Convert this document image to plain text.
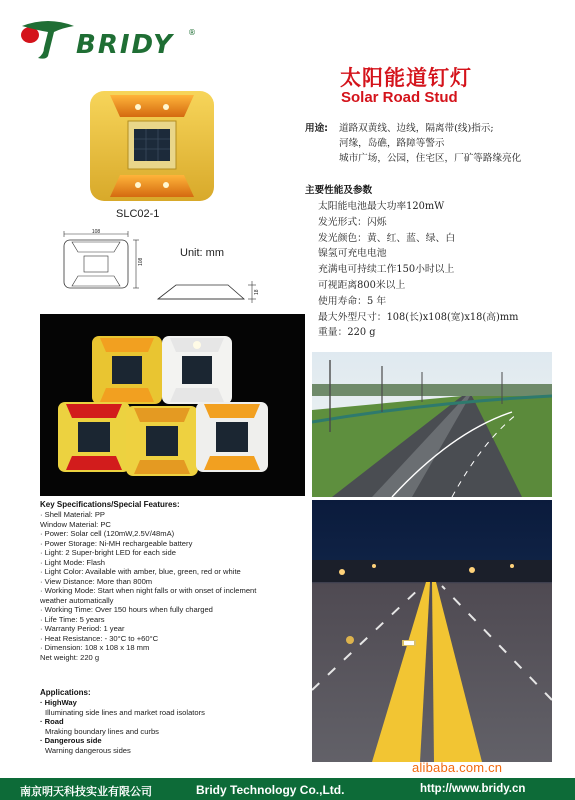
BRIDY ®
太阳能道钉灯
Solar Road Stud
SLC02-1
108
108
Unit: mm
18
用途: 道路双黄线、边线，隔离带(线)指示;
河缘，岛礁，路障等警示
城市广场，公园，住宅区，厂矿等路缘亮化
主要性能及参数
太阳能电池最大功率120mW
发光形式：闪烁
发光颜色：黄、红、蓝、绿、白
镍氢可充电电池
充满电可持续工作150小时以上
可视距离800米以上
使用寿命：5 年
最大外型尺寸：108(长)x108(宽)x18(高)mm
重量：220 g
alibaba.com.cn
Key Specifications/Special Features:
· Shell Material: PP
Window Material: PC
· Power: Solar cell (120mW,2.5V/48mA)
· Power Storage: Ni-MH rechargeable battery
· Light: 2 Super-bright LED for each side
· Light Mode: Flash
· Light Color: Available with amber, blue, green, red or white
· View Distance: More than 800m
· Working Mode: Start when night falls or with onset of inclement
weather automatically
· Working Time: Over 150 hours when fully charged
· Life Time: 5 years
· Warranty Period: 1 year
· Heat Resistance: - 30°C to +60°C
· Dimension: 108 x 108 x 18 mm
Net weight: 220 g
Applications:
· HighWay
Illuminating side lines and market road isolators
· Road
Mraking boundary lines and curbs
· Dangerous side
Warning dangerous sides
南京明天科技实业有限公司	Bridy Technology Co.,Ltd.	http://www.bridy.cn
